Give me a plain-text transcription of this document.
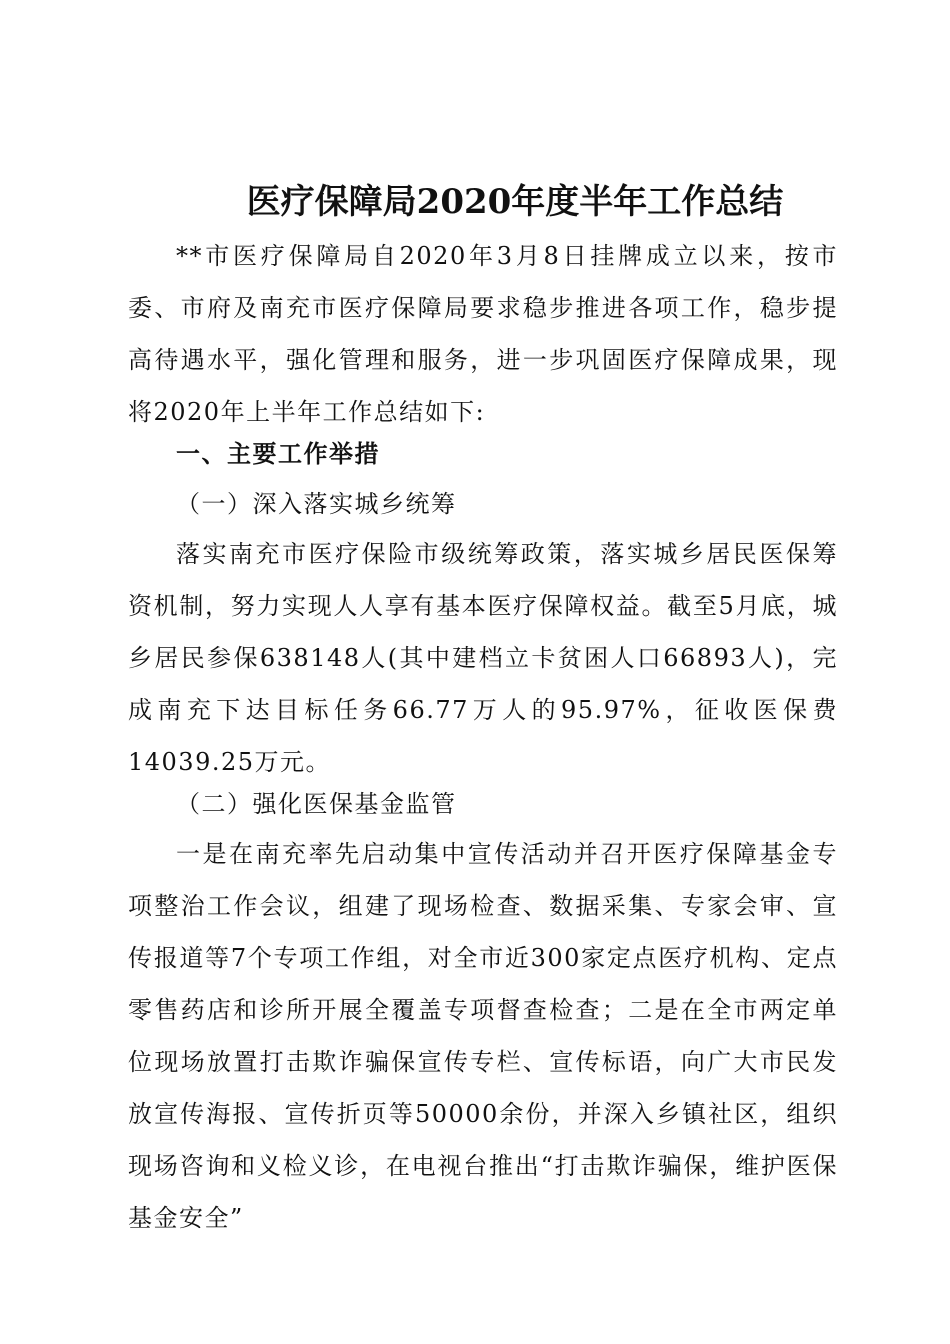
医疗保障局2020年度半年工作总结

**市医疗保障局自2020年3月8日挂牌成立以来，按市委、市府及南充市医疗保障局要求稳步推进各项工作，稳步提高待遇水平，强化管理和服务，进一步巩固医疗保障成果，现将2020年上半年工作总结如下:

一、主要工作举措
（一）深入落实城乡统筹

落实南充市医疗保险市级统筹政策，落实城乡居民医保筹资机制，努力实现人人享有基本医疗保障权益。截至5月底，城乡居民参保638148人(其中建档立卡贫困人口66893人)，完成南充下达目标任务66.77万人的95.97%，征收医保费14039.25万元。

（二）强化医保基金监管

一是在南充率先启动集中宣传活动并召开医疗保障基金专项整治工作会议，组建了现场检查、数据采集、专家会审、宣传报道等7个专项工作组，对全市近300家定点医疗机构、定点零售药店和诊所开展全覆盖专项督查检查；二是在全市两定单位现场放置打击欺诈骗保宣传专栏、宣传标语，向广大市民发放宣传海报、宣传折页等50000余份，并深入乡镇社区，组织现场咨询和义检义诊，在电视台推出“打击欺诈骗保，维护医保基金安全”
